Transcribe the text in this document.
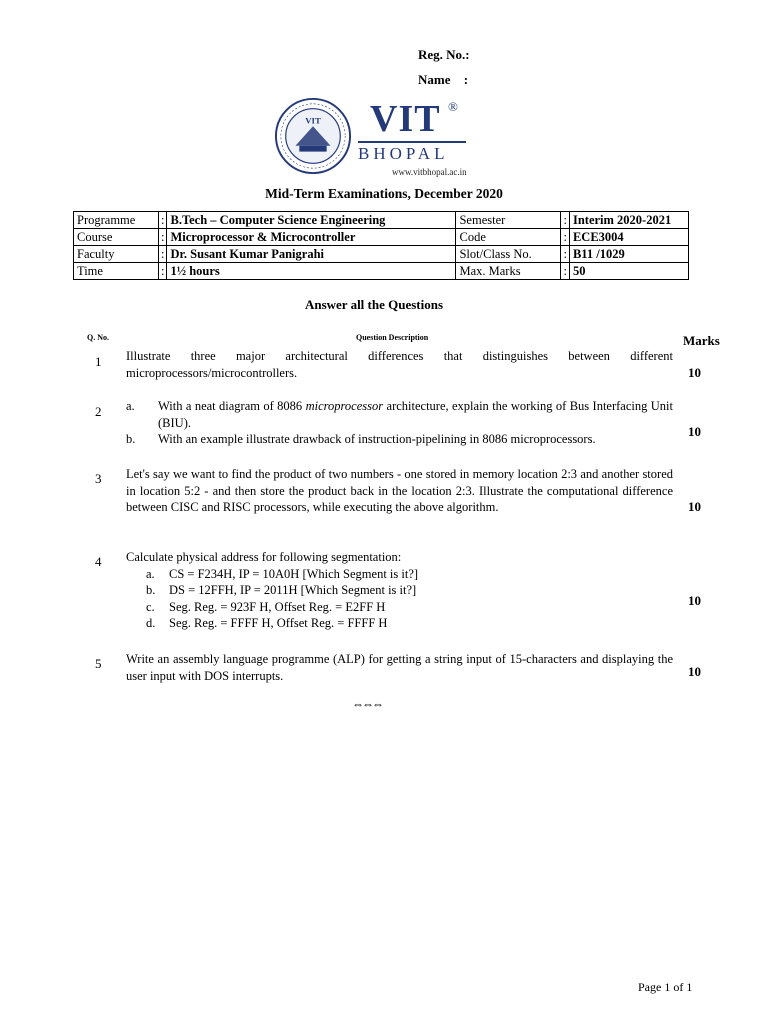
Reg. No.:
Name :
VIT VIT ®
BHOPAL
www.vitbhopal.ac.in
Mid-Term Examinations, December 2020
Programme	:	B.Tech – Computer Science Engineering	Semester	:	Interim 2020-2021
Course	:	Microprocessor & Microcontroller	Code	:	ECE3004
Faculty	:	Dr. Susant Kumar Panigrahi	Slot/Class No.	:	B11 /1029
Time	:	1½ hours	Max. Marks	:	50
Answer all the Questions
Q. No.	Question Description	Marks
1 Illustrate three major architectural differences that distinguishes between different microprocessors/microcontrollers.	10
2 a. With a neat diagram of 8086 microprocessor architecture, explain the working of Bus Interfacing Unit (BIU).
b. With an example illustrate drawback of instruction-pipelining in 8086 microprocessors.	10
3 Let's say we want to find the product of two numbers - one stored in memory location 2:3 and another stored in location 5:2 - and then store the product back in the location 2:3. Illustrate the computational difference between CISC and RISC processors, while executing the above algorithm.	10
4 Calculate physical address for following segmentation:
a. CS = F234H, IP = 10A0H [Which Segment is it?]
b. DS = 12FFH, IP = 2011H [Which Segment is it?]
c. Seg. Reg. = 923F H, Offset Reg. = E2FF H
d. Seg. Reg. = FFFF H, Offset Reg. = FFFF H
10
5 Write an assembly language programme (ALP) for getting a string input of 15-characters and displaying the user input with DOS interrupts.	10
⇔⇔⇔
Page 1 of 1
